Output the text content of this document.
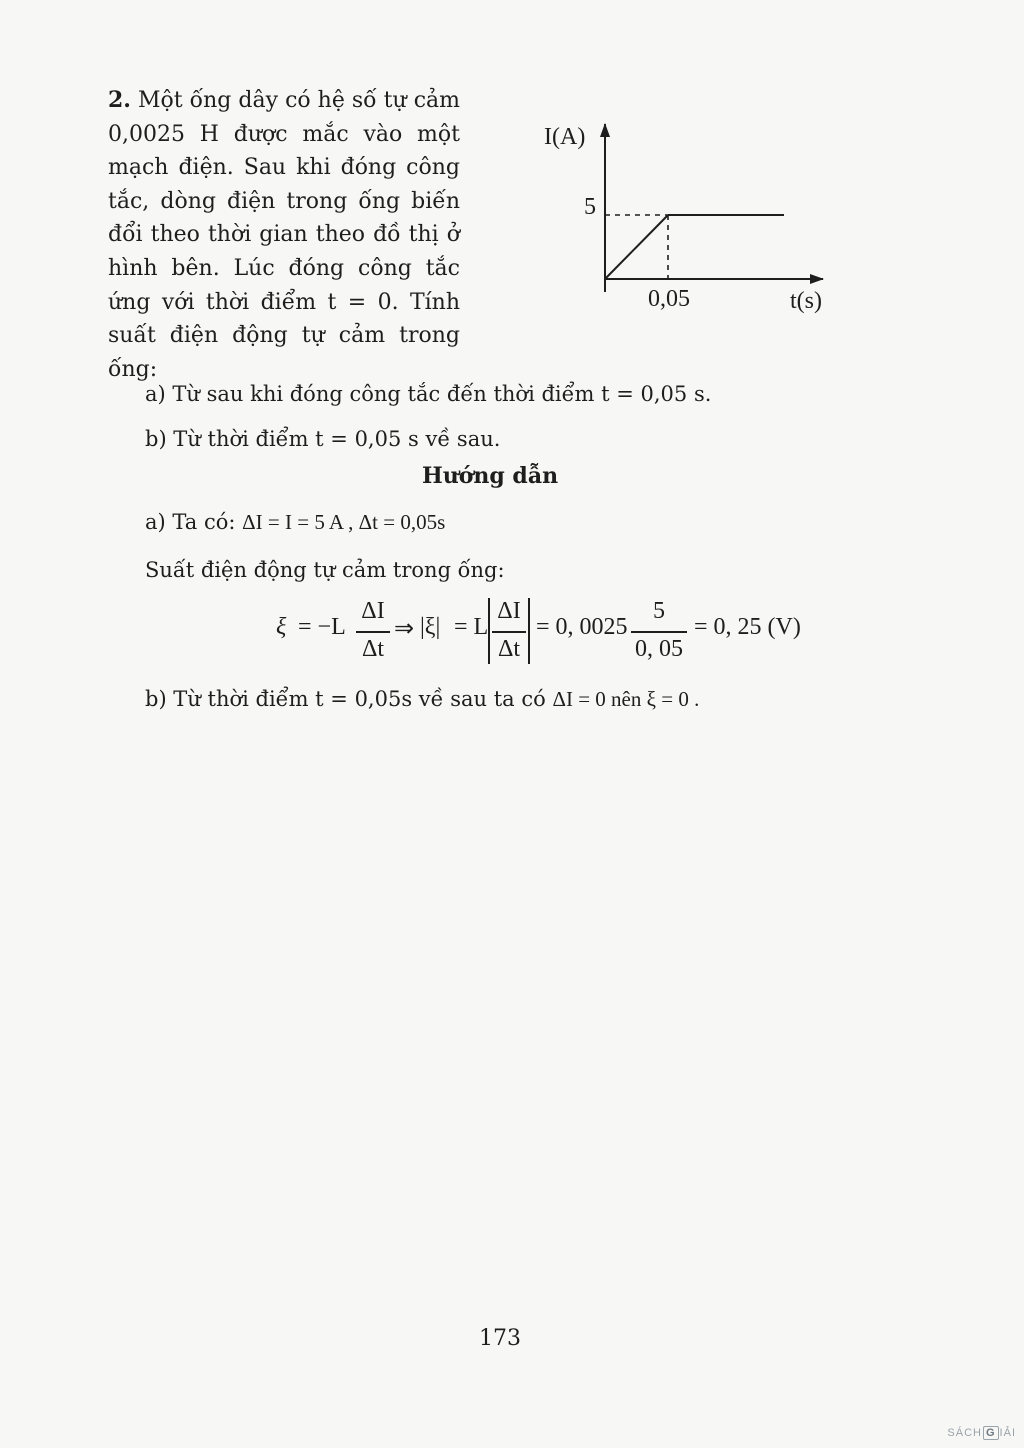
2. Một ống dây có hệ số tự cảm 0,0025 H được mắc vào một mạch điện. Sau khi đóng công tắc, dòng điện trong ống biến đổi theo thời gian theo đồ thị ở hình bên. Lúc đóng công tắc ứng với thời điểm t = 0. Tính suất điện động tự cảm trong ống:
I(A)
5
0,05	t(s)
a) Từ sau khi đóng công tắc đến thời điểm t = 0,05 s.
b) Từ thời điểm t = 0,05 s về sau.
Hướng dẫn
a) Ta có: ΔI = I = 5 A , Δt = 0,05s
Suất điện động tự cảm trong ống:
ξ = −L
ΔI
Δt
⇒ |ξ| = L
ΔI
Δt
= 0, 0025
5
0, 05
= 0, 25 (V)
b) Từ thời điểm t = 0,05s về sau ta có ΔI = 0 nên ξ = 0 .
173
SÁCH G IẢI
